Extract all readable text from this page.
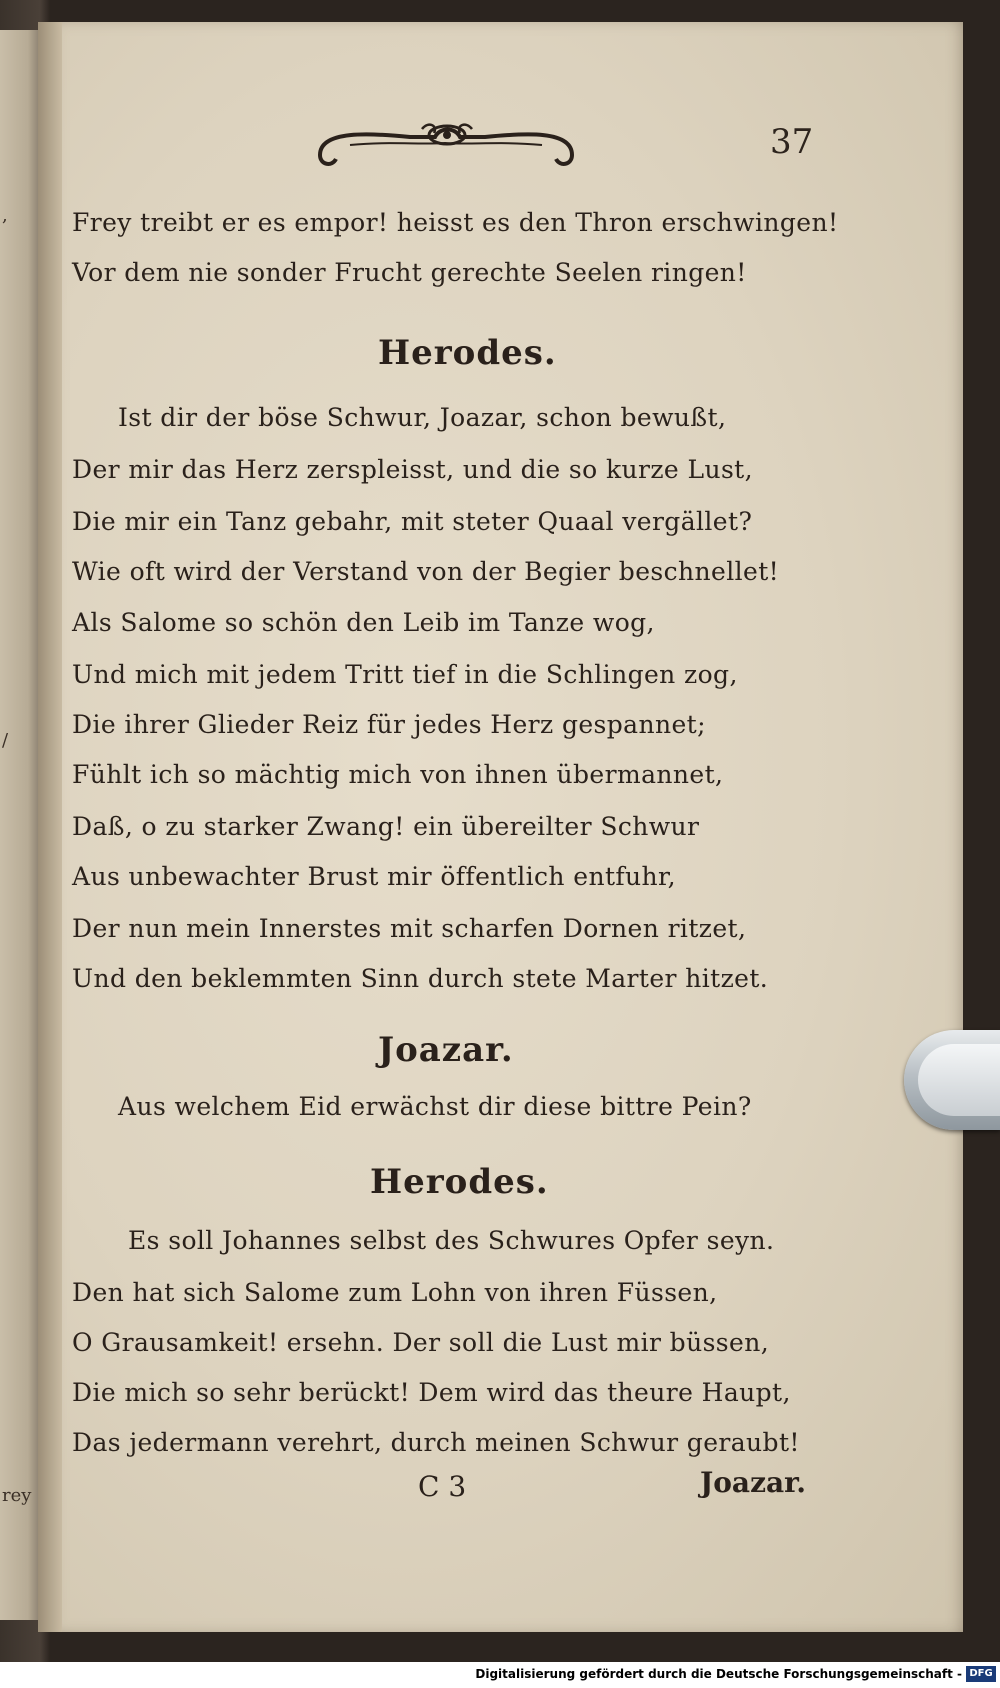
,
/
rey
37
Frey treibt er es empor! heisst es den Thron erschwingen!
Vor dem nie sonder Frucht gerechte Seelen ringen!
Herodes.
Ist dir der böse Schwur, Joazar, schon bewußt,
Der mir das Herz zerspleisst, und die so kurze Lust,
Die mir ein Tanz gebahr, mit steter Quaal vergället?
Wie oft wird der Verstand von der Begier beschnellet!
Als Salome so schön den Leib im Tanze wog,
Und mich mit jedem Tritt tief in die Schlingen zog,
Die ihrer Glieder Reiz für jedes Herz gespannet;
Fühlt ich so mächtig mich von ihnen übermannet,
Daß, o zu starker Zwang! ein übereilter Schwur
Aus unbewachter Brust mir öffentlich entfuhr,
Der nun mein Innerstes mit scharfen Dornen ritzet,
Und den beklemmten Sinn durch stete Marter hitzet.
Joazar.
Aus welchem Eid erwächst dir diese bittre Pein?
Herodes.
Es soll Johannes selbst des Schwures Opfer seyn.
Den hat sich Salome zum Lohn von ihren Füssen,
O Grausamkeit! ersehn. Der soll die Lust mir büssen,
Die mich so sehr berückt! Dem wird das theure Haupt,
Das jedermann verehrt, durch meinen Schwur geraubt!
C 3	Joazar.
Digitalisierung gefördert durch die Deutsche Forschungsgemeinschaft - DFG
